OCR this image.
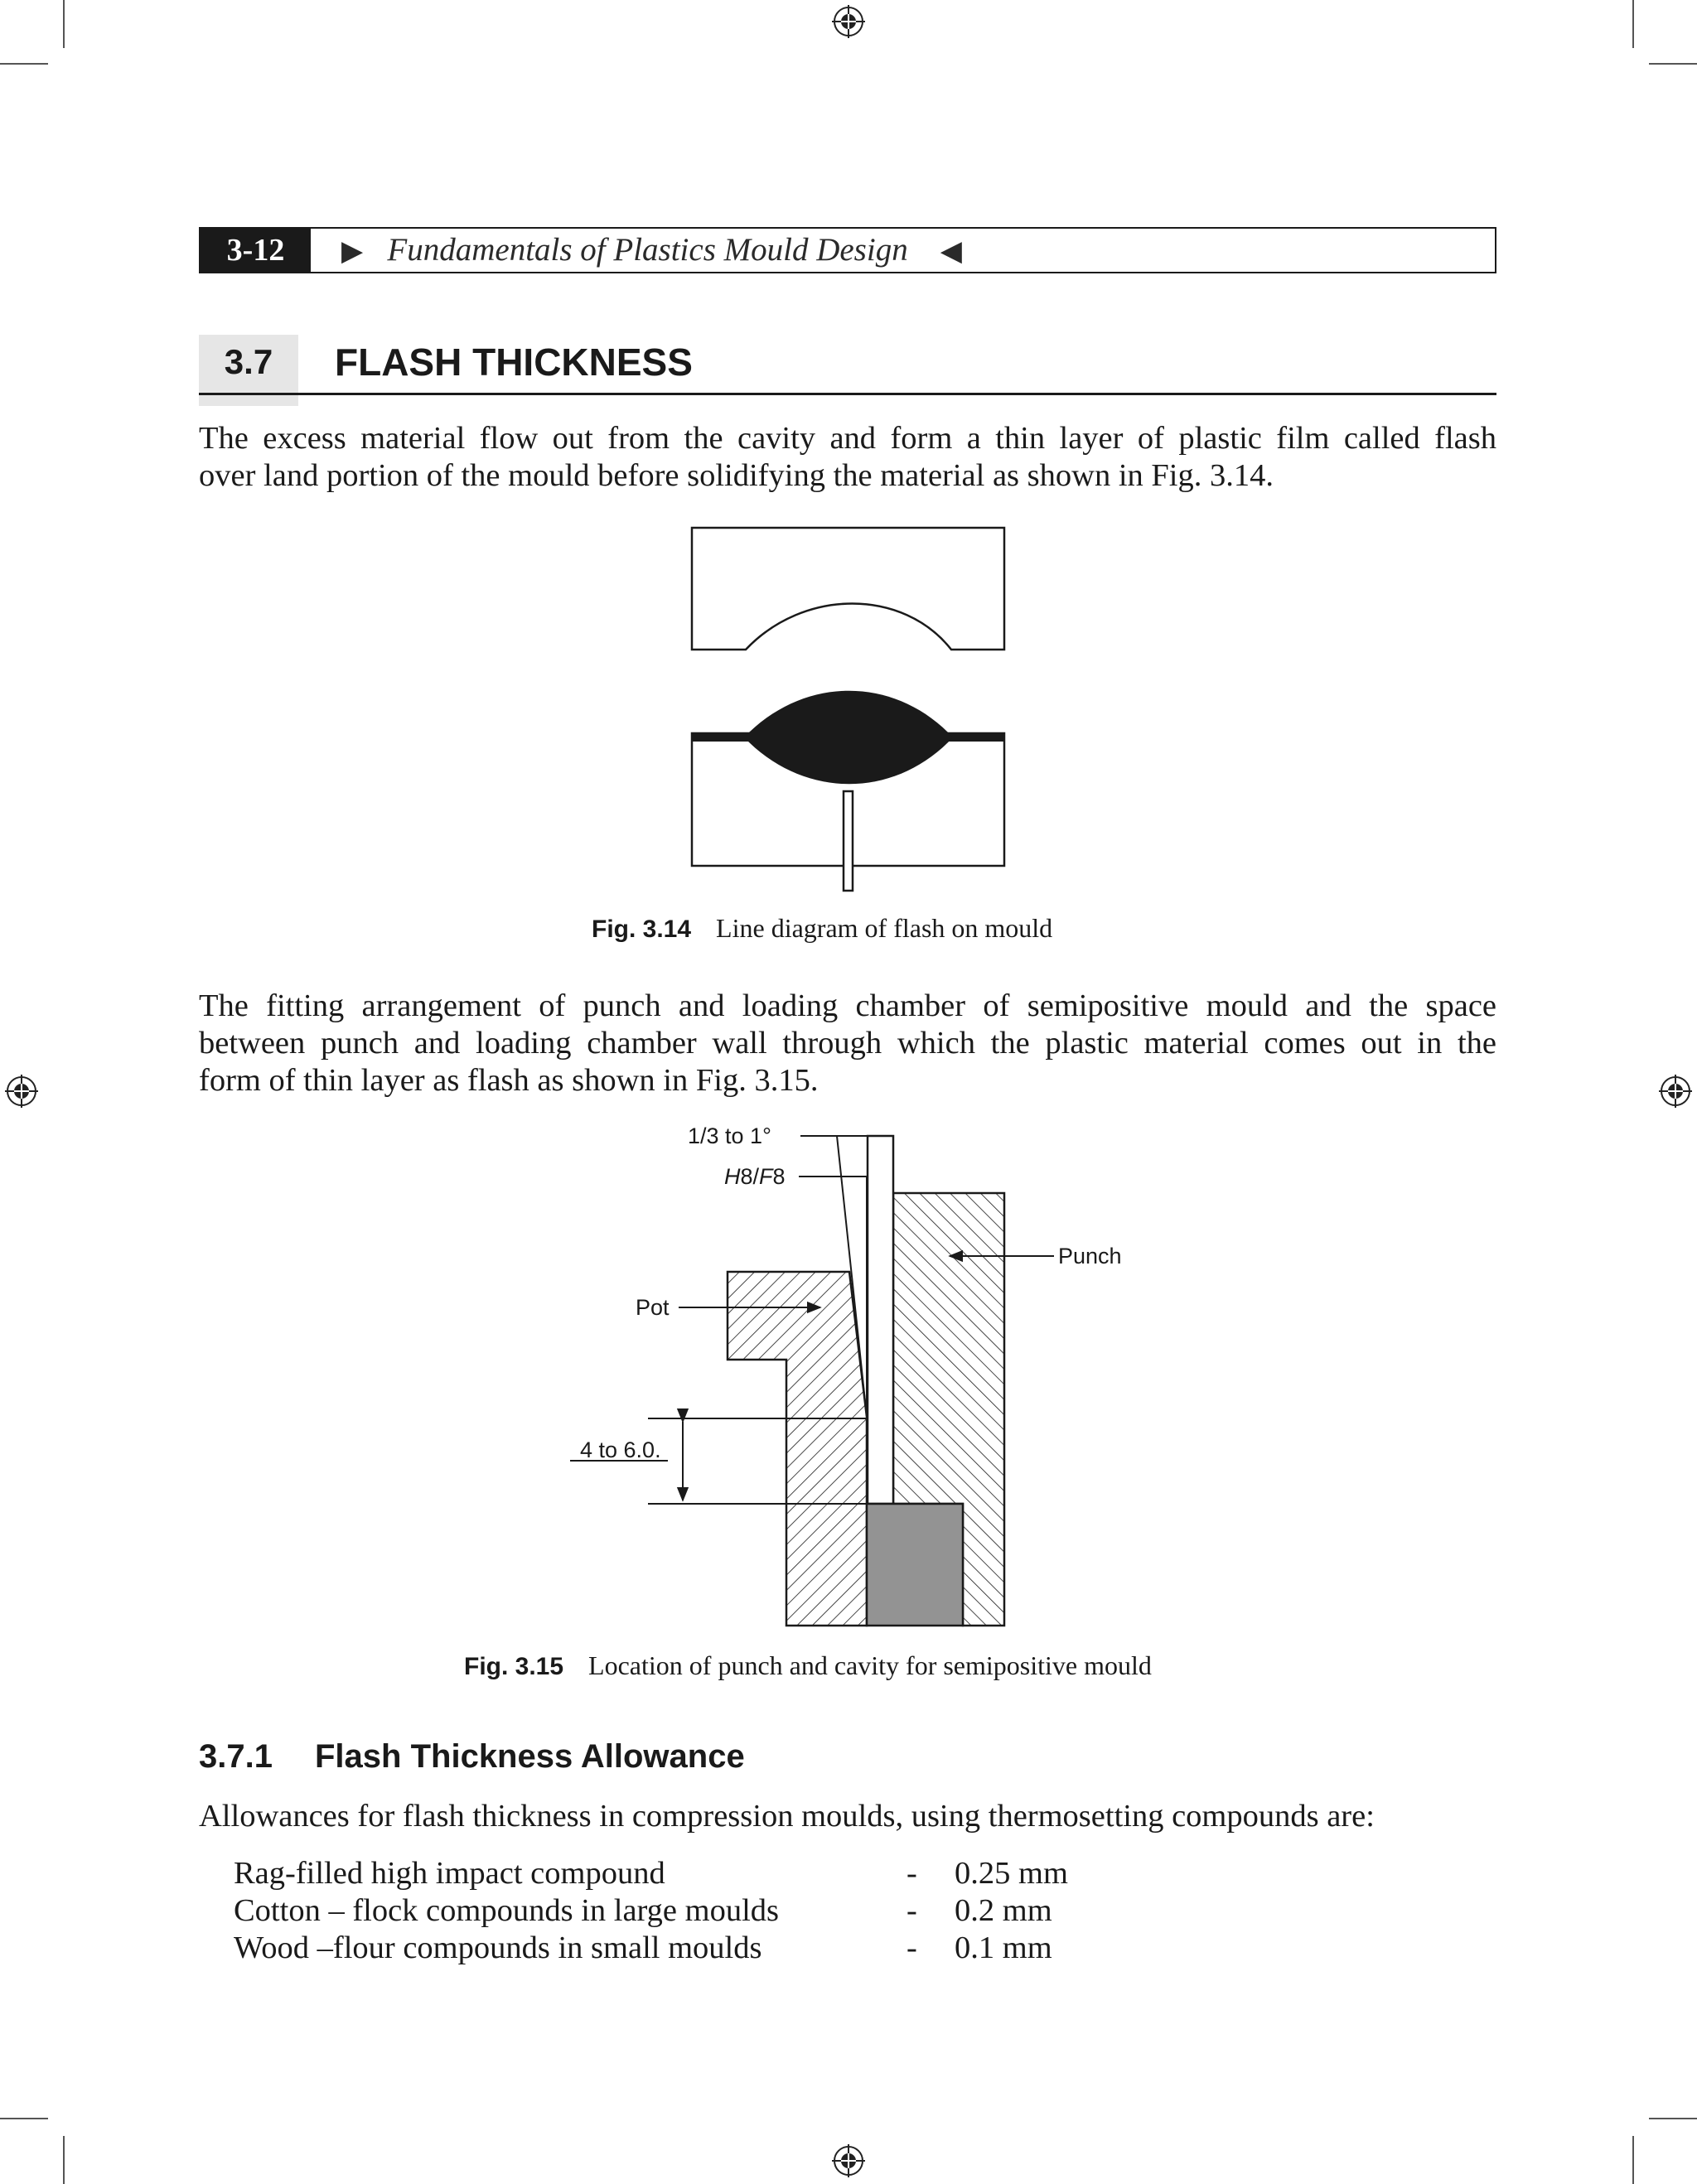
3-12	▶ Fundamentals of Plastics Mould Design ◀
3.7	FLASH THICKNESS
The excess material flow out from the cavity and form a thin layer of plastic film called flash
over land portion of the mould before solidifying the material as shown in Fig. 3.14.
Fig. 3.14 Line diagram of flash on mould
The fitting arrangement of punch and loading chamber of semipositive mould and the space
between punch and loading chamber wall through which the plastic material comes out in the
form of thin layer as flash as shown in Fig. 3.15.
1/3 to 1°
H8/F8
Punch
Pot
4 to 6.0.
Fig. 3.15 Location of punch and cavity for semipositive mould
3.7.1 Flash Thickness Allowance
Allowances for flash thickness in compression moulds, using thermosetting compounds are:
Rag-filled high impact compound	- 0.25 mm
Cotton – flock compounds in large moulds	- 0.2 mm
Wood –flour compounds in small moulds	- 0.1 mm
